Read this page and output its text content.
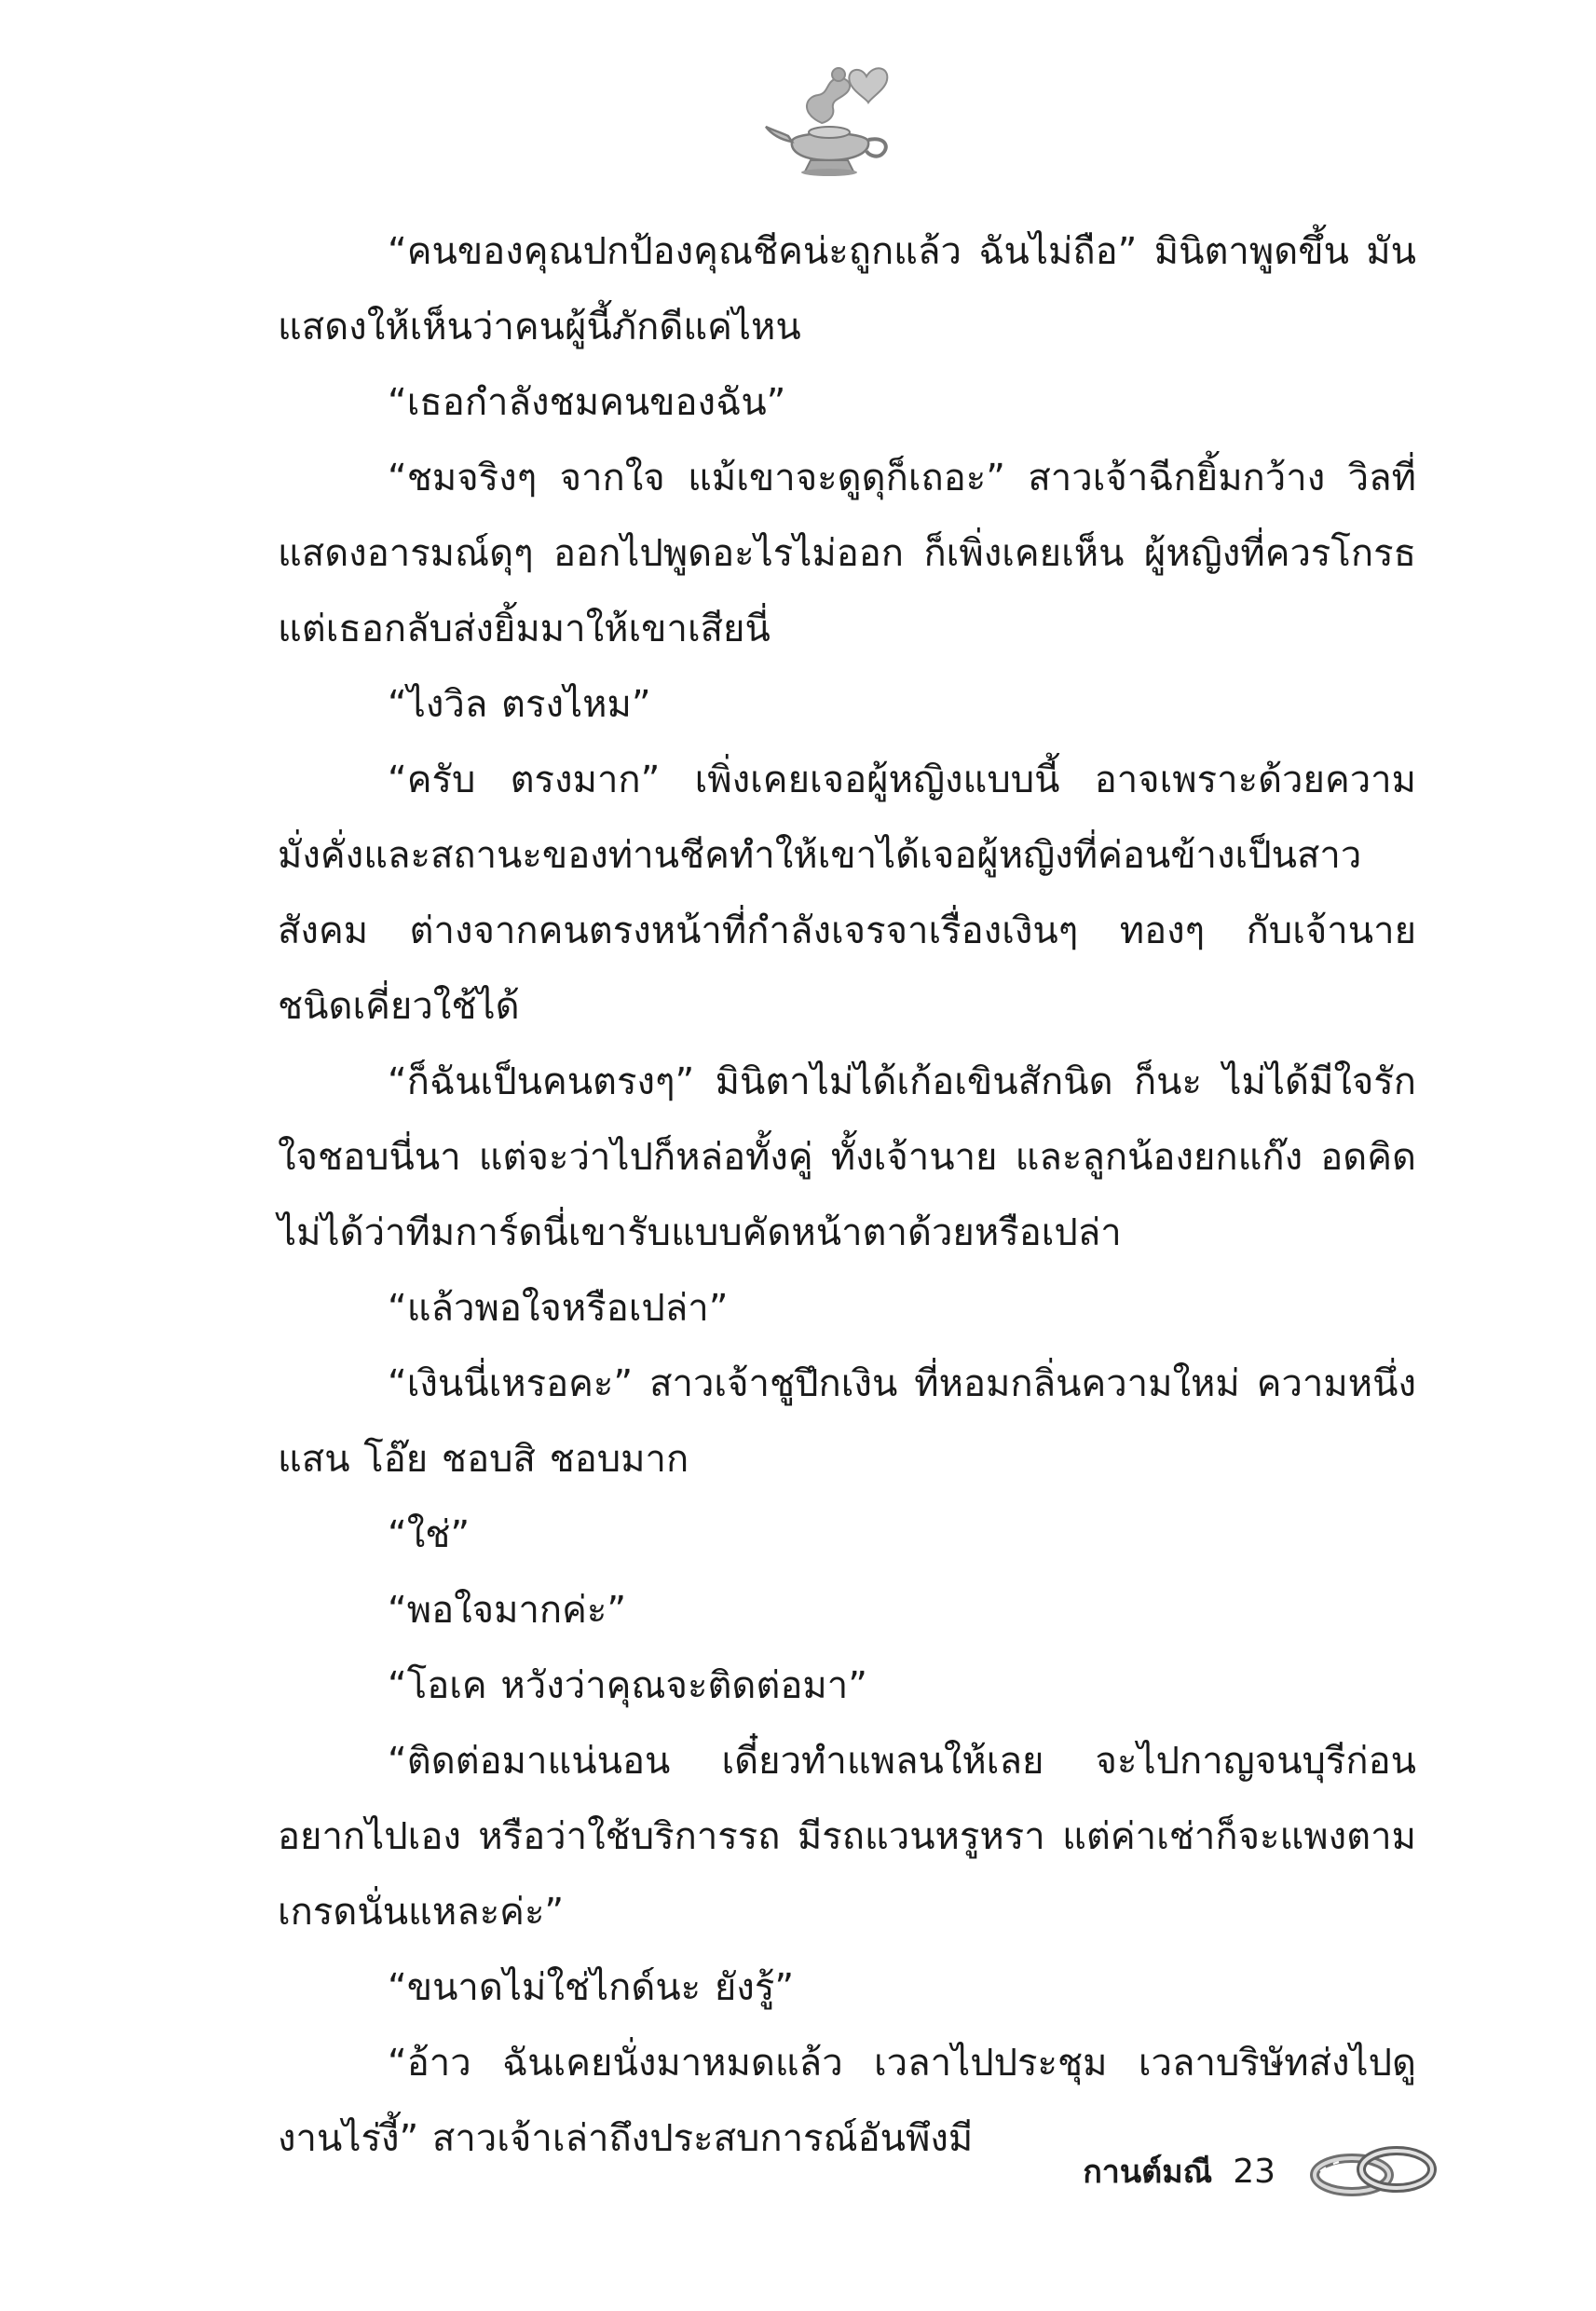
“คนของคุณปกป้องคุณชีคน่ะถูกแล้ว ฉันไม่ถือ” มินิตาพูดขึ้น มันแสดงให้เห็นว่าคนผู้นี้ภักดีแค่ไหน

“เธอกำลังชมคนของฉัน”

“ชมจริงๆ จากใจ แม้เขาจะดูดุก็เถอะ” สาวเจ้าฉีกยิ้มกว้าง วิลที่แสดงอารมณ์ดุๆ ออกไปพูดอะไรไม่ออก ก็เพิ่งเคยเห็น ผู้หญิงที่ควรโกรธ แต่เธอกลับส่งยิ้มมาให้เขาเสียนี่

“ไงวิล ตรงไหม”

“ครับ ตรงมาก” เพิ่งเคยเจอผู้หญิงแบบนี้ อาจเพราะด้วยความมั่งคั่งและสถานะของท่านชีคทำให้เขาได้เจอผู้หญิงที่ค่อนข้างเป็นสาวสังคม ต่างจากคนตรงหน้าที่กำลังเจรจาเรื่องเงินๆ ทองๆ กับเจ้านาย ชนิดเคี่ยวใช้ได้

“ก็ฉันเป็นคนตรงๆ” มินิตาไม่ได้เก้อเขินสักนิด ก็นะ ไม่ได้มีใจรักใจชอบนี่นา แต่จะว่าไปก็หล่อทั้งคู่ ทั้งเจ้านาย และลูกน้องยกแก๊ง อดคิดไม่ได้ว่าทีมการ์ดนี่เขารับแบบคัดหน้าตาด้วยหรือเปล่า

“แล้วพอใจหรือเปล่า”

“เงินนี่เหรอคะ” สาวเจ้าชูปึกเงิน ที่หอมกลิ่นความใหม่ ความหนึ่งแสน โอ๊ย ชอบสิ ชอบมาก

“ใช่”

“พอใจมากค่ะ”

“โอเค หวังว่าคุณจะติดต่อมา”

“ติดต่อมาแน่นอน เดี๋ยวทำแพลนให้เลย จะไปกาญจนบุรีก่อน อยากไปเอง หรือว่าใช้บริการรถ มีรถแวนหรูหรา แต่ค่าเช่าก็จะแพงตามเกรดนั่นแหละค่ะ”

“ขนาดไม่ใช่ไกด์นะ ยังรู้”

“อ้าว ฉันเคยนั่งมาหมดแล้ว เวลาไปประชุม เวลาบริษัทส่งไปดูงานไร่งี้” สาวเจ้าเล่าถึงประสบการณ์อันพึงมี

กานต์มณี 23
